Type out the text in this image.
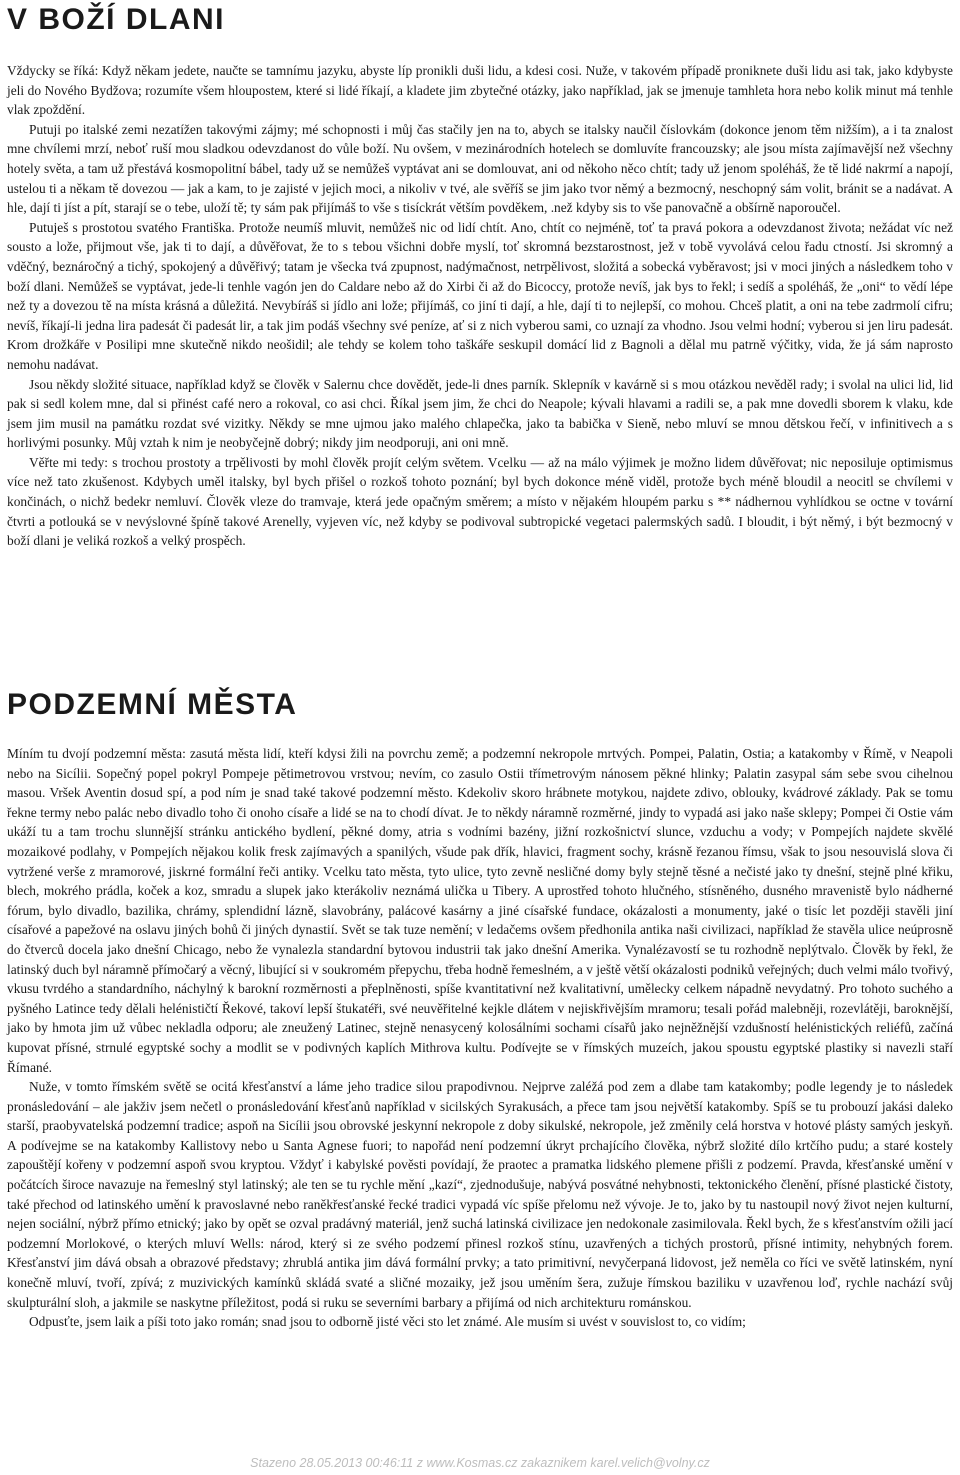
V BOŽÍ DLANI

Vždycky se říká: Když někam jedete, naučte se tamnímu jazyku, abyste líp pronikli duši lidu, a kdesi cosi. Nuže, v takovém případě proniknete duši lidu asi tak, jako kdybyste jeli do Nového Bydžova; rozumíte všem hlouposteм, které si lidé říkají, a kladete jim zbytečné otázky, jako například, jak se jmenuje tamhleta hora nebo kolik minut má tenhle vlak zpoždění.

Putuji po italské zemi nezatížen takovými zájmy; mé schopnosti i můj čas stačily jen na to, abych se italsky naučil číslovkám (dokonce jenom těm nižším), a i ta znalost mne chvílemi mrzí, neboť ruší mou sladkou odevzdanost do vůle boží. Nu ovšem, v mezinárodních hotelech se domluvíte francouzsky; ale jsou místa zajímavější než všechny hotely světa, a tam už přestává kosmopolitní bábel, tady už se nemůžeš vyptávat ani se domlouvat, ani od někoho něco chtít; tady už jenom spoléháš, že tě lidé nakrmí a napojí, ustelou ti a někam tě dovezou — jak a kam, to je zajisté v jejich moci, a nikoliv v tvé, ale svěříš se jim jako tvor němý a bezmocný, neschopný sám volit, bránit se a nadávat. A hle, dají ti jíst a pít, starají se o tebe, uloží tě; ty sám pak přijímáš to vše s tisíckrát větším povděkem, .než kdyby sis to vše panovačně a obšírně naporoučel.

Putuješ s prostotou svatého Františka. Protože neumíš mluvit, nemůžeš nic od lidí chtít. Ano, chtít co nejméně, toť ta pravá pokora a odevzdanost života; nežádat víc než sousto a lože, přijmout vše, jak ti to dají, a důvěřovat, že to s tebou všichni dobře myslí, toť skromná bezstarostnost, jež v tobě vyvolává celou řadu ctností. Jsi skromný a vděčný, beznáročný a tichý, spokojený a důvěřivý; tatam je všecka tvá zpupnost, nadýmačnost, netrpělivost, složitá a sobecká vyběravost; jsi v moci jiných a následkem toho v boží dlani. Nemůžeš se vyptávat, jede-li tenhle vagón jen do Caldare nebo až do Xirbi či až do Bicoccy, protože nevíš, jak bys to řekl; i sedíš a spoléháš, že „oni“ to vědí lépe než ty a dovezou tě na místa krásná a důležitá. Nevybíráš si jídlo ani lože; přijímáš, co jiní ti dají, a hle, dají ti to nejlepší, co mohou. Chceš platit, a oni na tebe zadrmolí cifru; nevíš, říkají-li jedna lira padesát či padesát lir, a tak jim podáš všechny své peníze, ať si z nich vyberou sami, co uznají za vhodno. Jsou velmi hodní; vyberou si jen liru padesát. Krom drožkáře v Posilipi mne skutečně nikdo neošidil; ale tehdy se kolem toho taškáře seskupil domácí lid z Bagnoli a dělal mu patrně výčitky, vida, že já sám naprosto nemohu nadávat.

Jsou někdy složité situace, například když se člověk v Salernu chce dovědět, jede-li dnes parník. Sklepník v kavárně si s mou otázkou nevěděl rady; i svolal na ulici lid, lid pak si sedl kolem mne, dal si přinést café nero a rokoval, co asi chci. Říkal jsem jim, že chci do Neapole; kývali hlavami a radili se, a pak mne dovedli sborem k vlaku, kde jsem jim musil na památku rozdat své vizitky. Někdy se mne ujmou jako malého chlapečka, jako ta babička v Sieně, nebo mluví se mnou dětskou řečí, v infinitivech a s horlivými posunky. Můj vztah k nim je neobyčejně dobrý; nikdy jim neodporuji, ani oni mně.

Věřte mi tedy: s trochou prostoty a trpělivosti by mohl člověk projít celým světem. Vcelku — až na málo výjimek je možno lidem důvěřovat; nic neposiluje optimismus více než tato zkušenost. Kdybych uměl italsky, byl bych přišel o rozkoš tohoto poznání; byl bych dokonce méně viděl, protože bych méně bloudil a neocitl se chvílemi v končinách, o nichž bedekr nemluví. Člověk vleze do tramvaje, která jede opačným směrem; a místo v nějakém hloupém parku s ** nádhernou vyhlídkou se octne v tovární čtvrti a potlouká se v nevýslovné špíně takové Arenelly, vyjeven víc, než kdyby se podivoval subtropické vegetaci palermských sadů. I bloudit, i být němý, i být bezmocný v boží dlani je veliká rozkoš a velký prospěch.

PODZEMNÍ MĚSTA

Míním tu dvojí podzemní města: zasutá města lidí, kteří kdysi žili na povrchu země; a podzemní nekropole mrtvých. Pompei, Palatin, Ostia; a katakomby v Římě, v Neapoli nebo na Sicílii. Sopečný popel pokryl Pompeje pětimetrovou vrstvou; nevím, co zasulo Ostii třímetrovým nánosem pěkné hlinky; Palatin zasypal sám sebe svou cihelnou masou. Vršek Aventin dosud spí, a pod ním je snad také takové podzemní město. Kdekoliv skoro hrábnete motykou, najdete zdivo, oblouky, kvádrové základy. Pak se tomu řekne termy nebo palác nebo divadlo toho či onoho císaře a lidé se na to chodí dívat. Je to někdy náramně rozměrné, jindy to vypadá asi jako naše sklepy; Pompei či Ostie vám ukáží tu a tam trochu slunnější stránku antického bydlení, pěkné domy, atria s vodními bazény, jižní rozkošnictví slunce, vzduchu a vody; v Pompejích najdete skvělé mozaikové podlahy, v Pompejích nějakou kolik fresk zajímavých a spanilých, všude pak dřík, hlavici, fragment sochy, krásně řezanou římsu, však to jsou nesouvislá slova či vytržené verše z mramorové, jiskrné formální řeči antiky. Vcelku tato města, tyto ulice, tyto zevně nesličné domy byly stejně těsné a nečisté jako ty dnešní, stejně plné křiku, blech, mokrého prádla, koček a koz, smradu a slupek jako kterákoliv neznámá ulička u Tibery. A uprostřed tohoto hlučného, stísněného, dusného mravenistě bylo nádherné fórum, bylo divadlo, bazilika, chrámy, splendidní lázně, slavobrány, palácové kasárny a jiné císařské fundace, okázalosti a monumenty, jaké o tisíc let později stavěli jiní císařové a papežové na oslavu jiných bohů či jiných dynastií. Svět se tak tuze nemění; v ledačems ovšem předhonila antika naši civilizaci, například že stavěla ulice neúprosně do čtverců docela jako dnešní Chicago, nebo že vynalezla standardní bytovou industrii tak jako dnešní Amerika. Vynalézavostí se tu rozhodně neplýtvalo. Člověk by řekl, že latinský duch byl náramně přímočarý a věcný, libující si v soukromém přepychu, třeba hodně řemeslném, a v ještě větší okázalosti podniků veřejných; duch velmi málo tvořivý, vkusu tvrdého a standardního, náchylný k barokní rozměrnosti a přeplněnosti, spíše kvantitativní než kvalitativní, uměleckу celkem nápadně nevydatný. Pro tohoto suchého a pyšného Latince tedy dělali helénističtí Řekové, takoví lepší štukatéři, své neuvěřitelné kejkle dlátem v nejiskřivějším mramoru; tesali pořád malebněji, rozevlátěji, baroknější, jako by hmota jim už vůbec nekladla odporu; ale zneužený Latinec, stejně nenasycený kolosálními sochami císařů jako nejněžnější vzdušností helénistických reliéfů, začíná kupovat přísné, strnulé egyptské sochy a modlit se v podivných kaplích Mithrova kultu. Podívejte se v římských muzeích, jakou spoustu egyptské plastiky si navezli staří Římané.

Nuže, v tomto římském světě se ocitá křesťanství a láme jeho tradice silou prapodivnou. Nejprve zaléžá pod zem a dlabe tam katakomby; podle legendy je to následek pronásledování – ale jakživ jsem nečetl o pronásledování křesťanů například v sicilských Syrakusách, a přece tam jsou největší katakomby. Spíš se tu probouzí jakási daleko starší, praobyvatelská podzemní tradice; aspoň na Sicílii jsou obrovské jeskynní nekropole z doby sikulské, nekropole, jež změnily celá horstva v hotové plásty samých jeskyň. A podívejme se na katakomby Kallistovy nebo u Santa Agnese fuori; to napořád není podzemní úkryt prchajícího člověka, nýbrž složité dílo krtčího pudu; a staré kostely zapouštějí kořeny v podzemní aspoň svou kryptou. Vždyť i kabylské pověsti povídají, že praotec a pramatka lidského plemene přišli z podzemí. Pravda, křesťanské umění v počátcích široce navazuje na řemeslný styl latinský; ale ten se tu rychle mění „kazí“, zjednodušuje, nabývá posvátné nehybnosti, tektonického členění, přísné plastické čistoty, také přechod od latinského umění k pravoslavné nebo raněkřesťanské řecké tradici vypadá víc spíše přelomu než vývoje. Je to, jako by tu nastoupil nový život nejen kulturní, nejen sociální, nýbrž přímo etnický; jako by opět se ozval pradávný materiál, jenž suchá latinská civilizace jen nedokonale zasimilovala. Řekl bych, že s křesťanstvím ožili jací podzemní Morlokové, o kterých mluví Wells: národ, který si ze svého podzemí přinesl rozkoš stínu, uzavřených a tichých prostorů, přísné intimity, nehybných forem. Křesťanství jim dává obsah a obrazové představy; zhrublá antika jim dává formální prvky; a tato primitivní, nevyčerpaná lidovost, jež neměla co říci ve světě latinském, nyní konečně mluví, tvoří, zpívá; z muzivických kamínků skládá svaté a sličné mozaiky, jež jsou uměním šera, zužuje římskou baziliku v uzavřenou loď, rychle nachází svůj skulpturální sloh, a jakmile se naskytne příležitost, podá si ruku se severními barbary a přijímá od nich architekturu románskou.

Odpusťte, jsem laik a píši toto jako román; snad jsou to odborně jisté věci sto let známé. Ale musím si uvést v souvislost to, co vidím;

Stazeno 28.05.2013 00:46:11 z www.Kosmas.cz zakaznikem karel.velich@volny.cz
